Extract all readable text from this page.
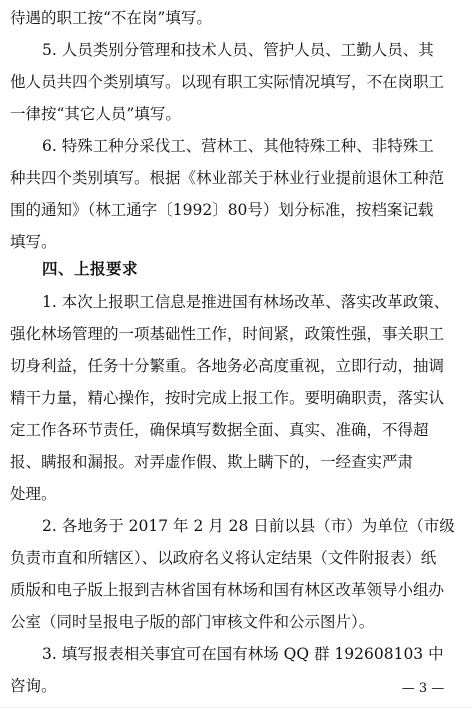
待遇的职工按“不在岗”填写。
5. 人员类别分管理和技术人员、管护人员、工勤人员、其
他人员共四个类别填写。以现有职工实际情况填写，不在岗职工
一律按“其它人员”填写。
6. 特殊工种分采伐工、营林工、其他特殊工种、非特殊工
种共四个类别填写。根据《林业部关于林业行业提前退休工种范
围的通知》（林工通字〔1992〕80号）划分标准，按档案记载
填写。
四、上报要求
1. 本次上报职工信息是推进国有林场改革、落实改革政策、
强化林场管理的一项基础性工作，时间紧，政策性强，事关职工
切身利益，任务十分繁重。各地务必高度重视，立即行动，抽调
精干力量，精心操作，按时完成上报工作。要明确职责，落实认
定工作各环节责任，确保填写数据全面、真实、准确，不得超
报、瞒报和漏报。对弄虚作假、欺上瞒下的，一经查实严肃
处理。
2. 各地务于 2017 年 2 月 28 日前以县（市）为单位（市级
负责市直和所辖区）、以政府名义将认定结果（文件附报表）纸
质版和电子版上报到吉林省国有林场和国有林区改革领导小组办
公室（同时呈报电子版的部门审核文件和公示图片）。
3. 填写报表相关事宜可在国有林场 QQ 群 192608103 中
咨询。	— 3 —
